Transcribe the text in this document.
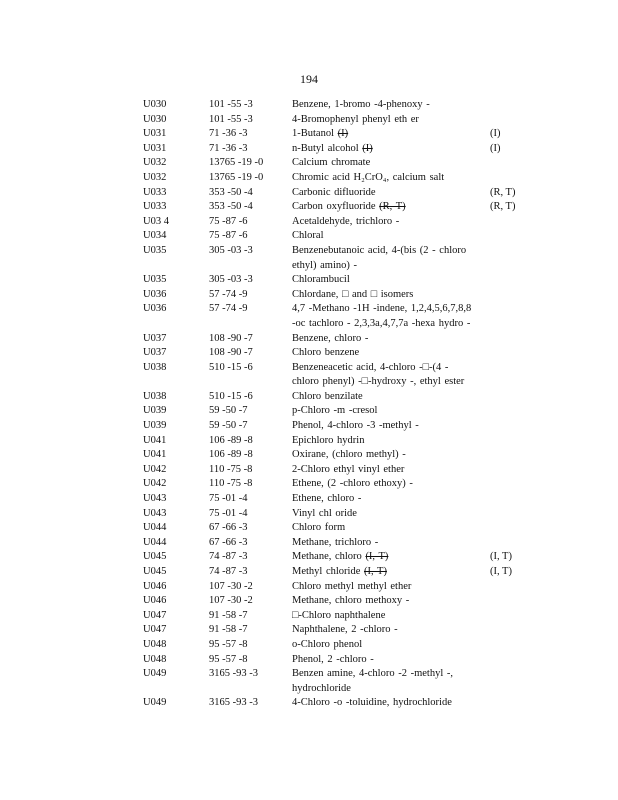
194
U030	101 -55 -3	Benzene, 1-bromo -4-phenoxy -
U030	101 -55 -3	4-Bromophenyl phenyl eth er
U031	71 -36 -3	1-Butanol (I)	(I)
U031	71 -36 -3	n-Butyl alcohol (I)	(I)
U032	13765 -19 -0	Calcium chromate
U032	13765 -19 -0	Chromic acid H₂CrO₄, calcium salt
U033	353 -50 -4	Carbonic difluoride	(R, T)
U033	353 -50 -4	Carbon oxyfluoride (R, T)	(R, T)
U03 4	75 -87 -6	Acetaldehyde, trichloro -
U034	75 -87 -6	Chloral
U035	305 -03 -3	Benzenebutanoic acid, 4-(bis (2 - chloro ethyl) amino) -
U035	305 -03 -3	Chlorambucil
U036	57 -74 -9	Chlordane, □ and □ isomers
U036	57 -74 -9	4,7 -Methano -1H -indene, 1,2,4,5,6,7,8,8 -oc tachloro - 2,3,3a,4,7,7a -hexa hydro -
U037	108 -90 -7	Benzene, chloro -
U037	108 -90 -7	Chloro benzene
U038	510 -15 -6	Benzeneacetic acid, 4-chloro -□-(4 - chloro phenyl) -□-hydroxy -, ethyl ester
U038	510 -15 -6	Chloro benzilate
U039	59 -50 -7	p-Chloro -m -cresol
U039	59 -50 -7	Phenol, 4-chloro -3 -methyl -
U041	106 -89 -8	Epichloro hydrin
U041	106 -89 -8	Oxirane, (chloro methyl) -
U042	110 -75 -8	2-Chloro ethyl vinyl ether
U042	110 -75 -8	Ethene, (2 -chloro ethoxy) -
U043	75 -01 -4	Ethene, chloro -
U043	75 -01 -4	Vinyl chl oride
U044	67 -66 -3	Chloro form
U044	67 -66 -3	Methane, trichloro -
U045	74 -87 -3	Methane, chloro (I, T)	(I, T)
U045	74 -87 -3	Methyl chloride (I, T)	(I, T)
U046	107 -30 -2	Chloro methyl methyl ether
U046	107 -30 -2	Methane, chloro methoxy -
U047	91 -58 -7	□-Chloro naphthalene
U047	91 -58 -7	Naphthalene, 2 -chloro -
U048	95 -57 -8	o-Chloro phenol
U048	95 -57 -8	Phenol, 2 -chloro -
U049	3165 -93 -3	Benzen amine, 4-chloro -2 -methyl -, hydrochloride
U049	3165 -93 -3	4-Chloro -o -toluidine, hydrochloride
